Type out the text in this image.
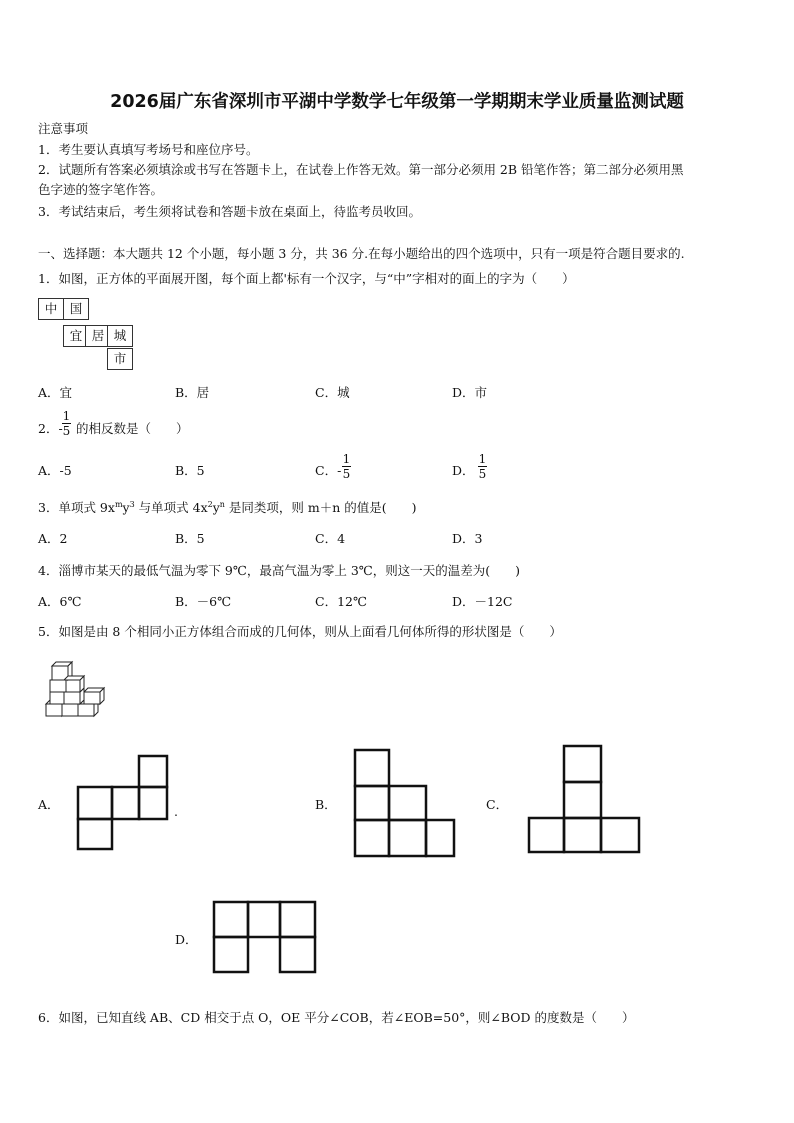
2026届广东省深圳市平湖中学数学七年级第一学期期末学业质量监测试题
注意事项
1．考生要认真填写考场号和座位序号。
2．试题所有答案必须填涂或书写在答题卡上，在试卷上作答无效。第一部分必须用 2B 铅笔作答；第二部分必须用黑
色字迹的签字笔作答。
3．考试结束后，考生须将试卷和答题卡放在桌面上，待监考员收回。
一、选择题：本大题共 12 个小题，每小题 3 分，共 36 分.在每小题给出的四个选项中，只有一项是符合题目要求的.
1．如图，正方体的平面展开图，每个面上都'标有一个汉字，与“中”字相对的面上的字为（　　）
中 国
宜 居 城
市
A．宜	B．居	C．城	D．市
2．-
1
5 的相反数是（　　）
A．-5	B．5	C．-
1
5	D．
1
5
3．单项式 $9x^my^3$ 与单项式 $4x^2y^n$ 是同类项，则 m＋n 的值是(　　)
A．2	B．5	C．4	D．3
4．淄博市某天的最低气温为零下 9℃，最高气温为零上 3℃，则这一天的温差为(　　)
A．6℃	B．－6℃	C．12℃	D．－12C
5．如图是由 8 个相同小正方体组合而成的几何体，则从上面看几何体所得的形状图是（　　）
A．	.	B．	C．
D．
6．如图，已知直线 AB、CD 相交于点 O，OE 平分∠COB，若∠EOB=50°，则∠BOD 的度数是（　　）
